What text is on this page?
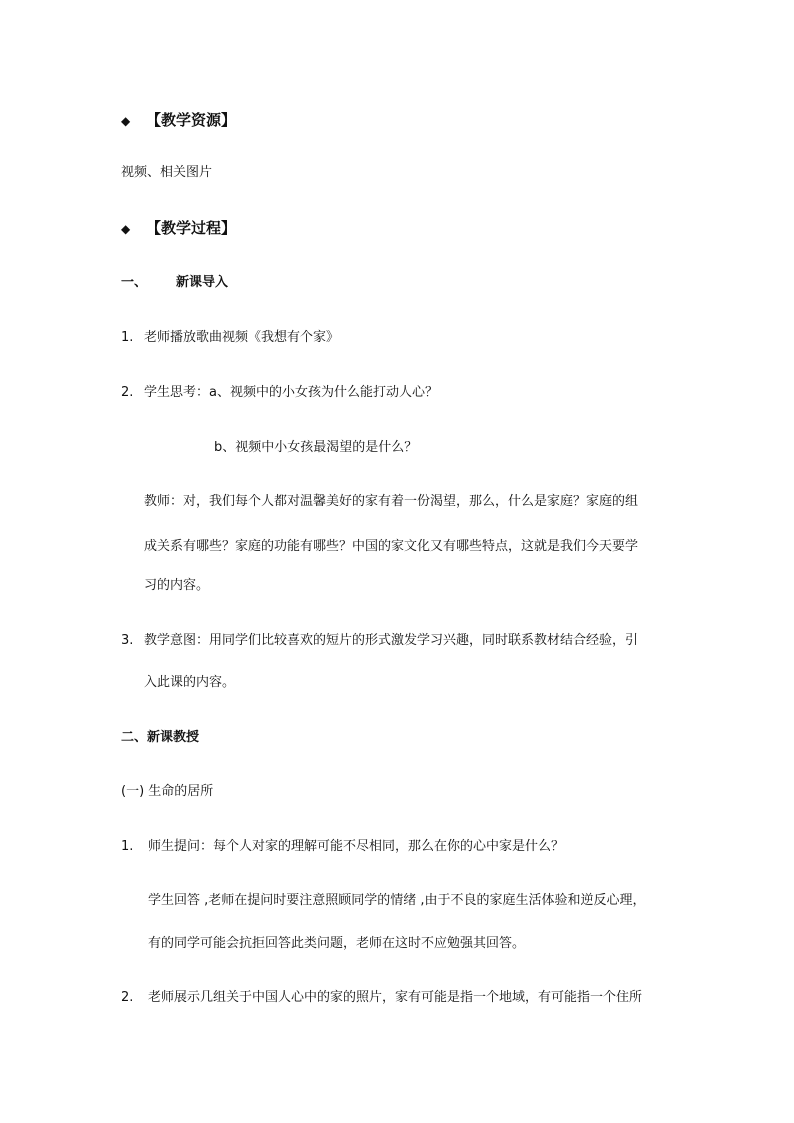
◆ 【教学资源】
视频、相关图片
◆ 【教学过程】
一、 新课导入
1. 老师播放歌曲视频《我想有个家》
2. 学生思考：a、视频中的小女孩为什么能打动人心？
b、视频中小女孩最渴望的是什么？
教师：对，我们每个人都对温馨美好的家有着一份渴望，那么，什么是家庭？家庭的组
成关系有哪些？家庭的功能有哪些？中国的家文化又有哪些特点，这就是我们今天要学
习的内容。
3. 教学意图：用同学们比较喜欢的短片的形式激发学习兴趣，同时联系教材结合经验，引
入此课的内容。
二、新课教授
(一) 生命的居所
1. 师生提问：每个人对家的理解可能不尽相同，那么在你的心中家是什么？
学生回答 ,老师在提问时要注意照顾同学的情绪 ,由于不良的家庭生活体验和逆反心理，
有的同学可能会抗拒回答此类问题，老师在这时不应勉强其回答。
2. 老师展示几组关于中国人心中的家的照片，家有可能是指一个地域，有可能指一个住所
